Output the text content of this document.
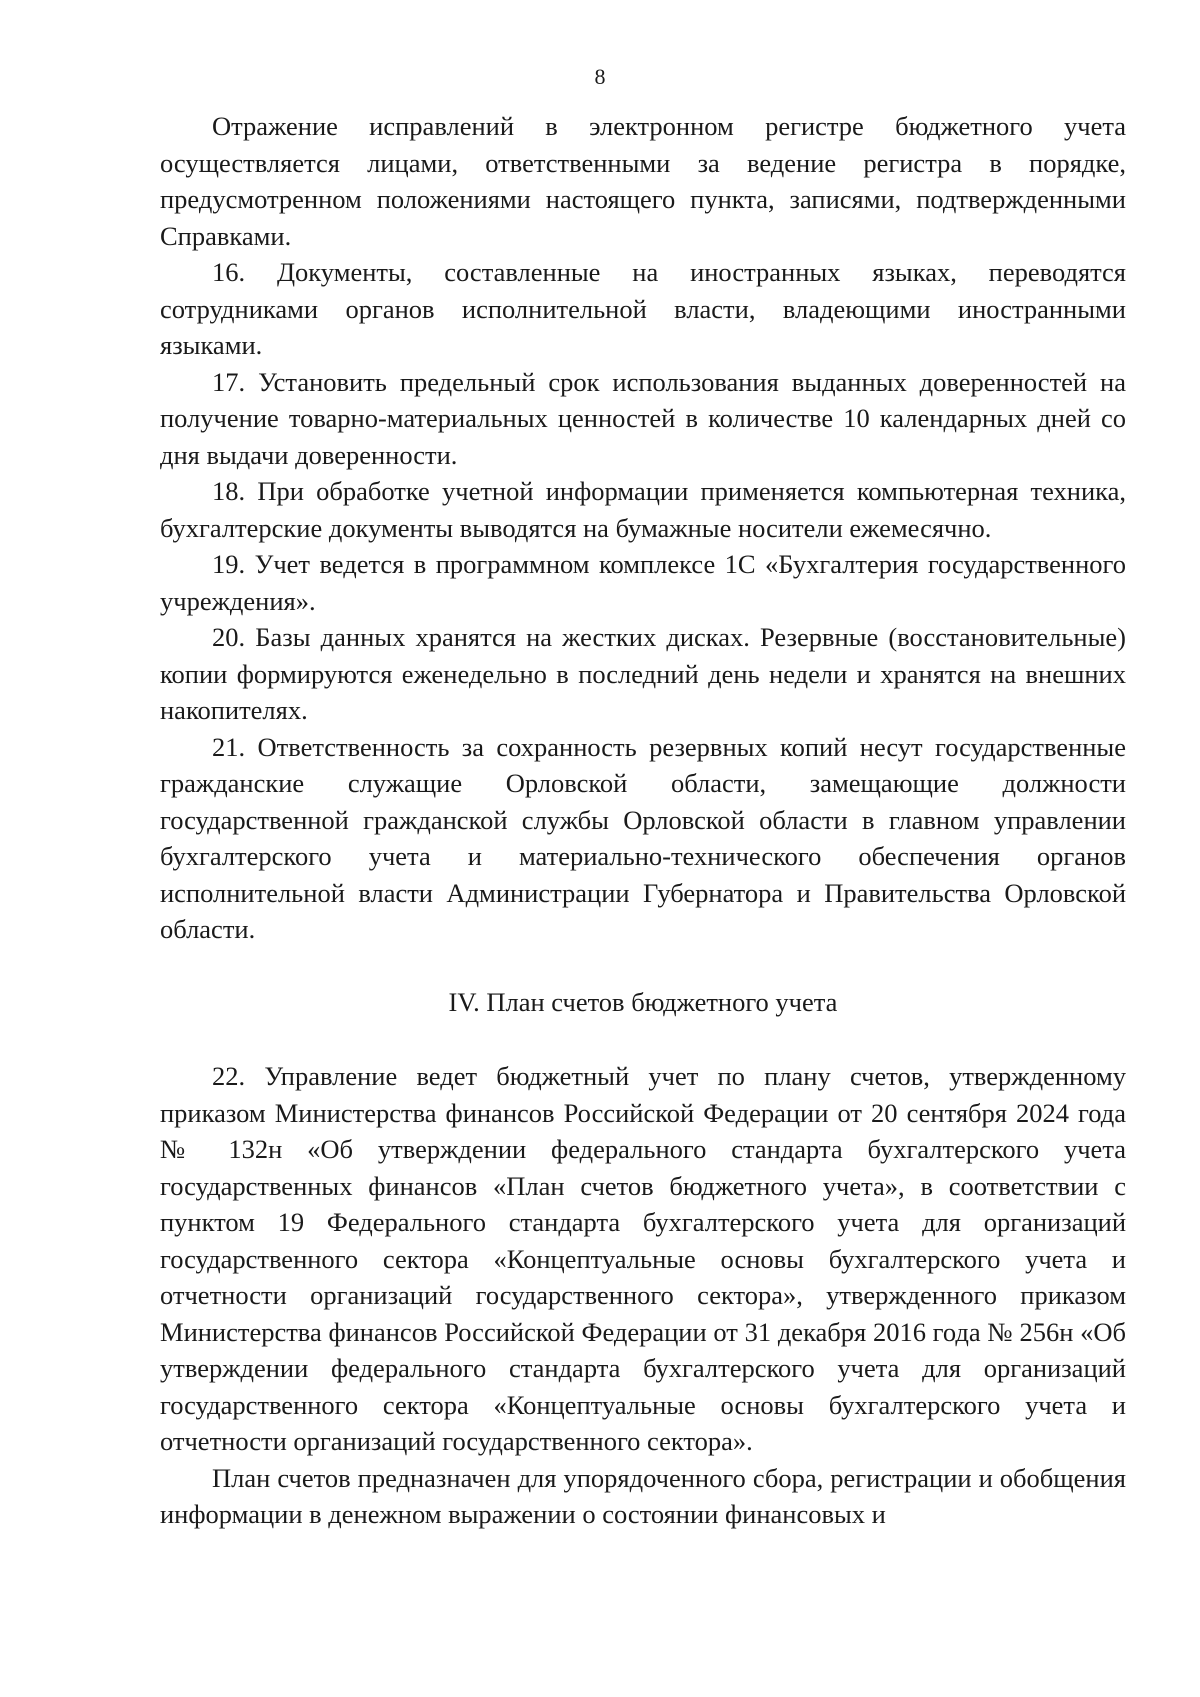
8

Отражение исправлений в электронном регистре бюджетного учета осуществляется лицами, ответственными за ведение регистра в порядке, предусмотренном положениями настоящего пункта, записями, подтвержденными Справками.

16. Документы, составленные на иностранных языках, переводятся сотрудниками органов исполнительной власти, владеющими иностранными языками.

17. Установить предельный срок использования выданных доверенностей на получение товарно-материальных ценностей в количестве 10 календарных дней со дня выдачи доверенности.

18. При обработке учетной информации применяется компьютерная техника, бухгалтерские документы выводятся на бумажные носители ежемесячно.

19. Учет ведется в программном комплексе 1С «Бухгалтерия государственного учреждения».

20. Базы данных хранятся на жестких дисках. Резервные (восстановительные) копии формируются еженедельно в последний день недели и хранятся на внешних накопителях.

21. Ответственность за сохранность резервных копий несут государственные гражданские служащие Орловской области, замещающие должности государственной гражданской службы Орловской области в главном управлении бухгалтерского учета и материально-технического обеспечения органов исполнительной власти Администрации Губернатора и Правительства Орловской области.

IV. План счетов бюджетного учета

22. Управление ведет бюджетный учет по плану счетов, утвержденному приказом Министерства финансов Российской Федерации от 20 сентября 2024 года № 132н «Об утверждении федерального стандарта бухгалтерского учета государственных финансов «План счетов бюджетного учета», в соответствии с пунктом 19 Федерального стандарта бухгалтерского учета для организаций государственного сектора «Концептуальные основы бухгалтерского учета и отчетности организаций государственного сектора», утвержденного приказом Министерства финансов Российской Федерации от 31 декабря 2016 года № 256н «Об утверждении федерального стандарта бухгалтерского учета для организаций государственного сектора «Концептуальные основы бухгалтерского учета и отчетности организаций государственного сектора».

План счетов предназначен для упорядоченного сбора, регистрации и обобщения информации в денежном выражении о состоянии финансовых и
